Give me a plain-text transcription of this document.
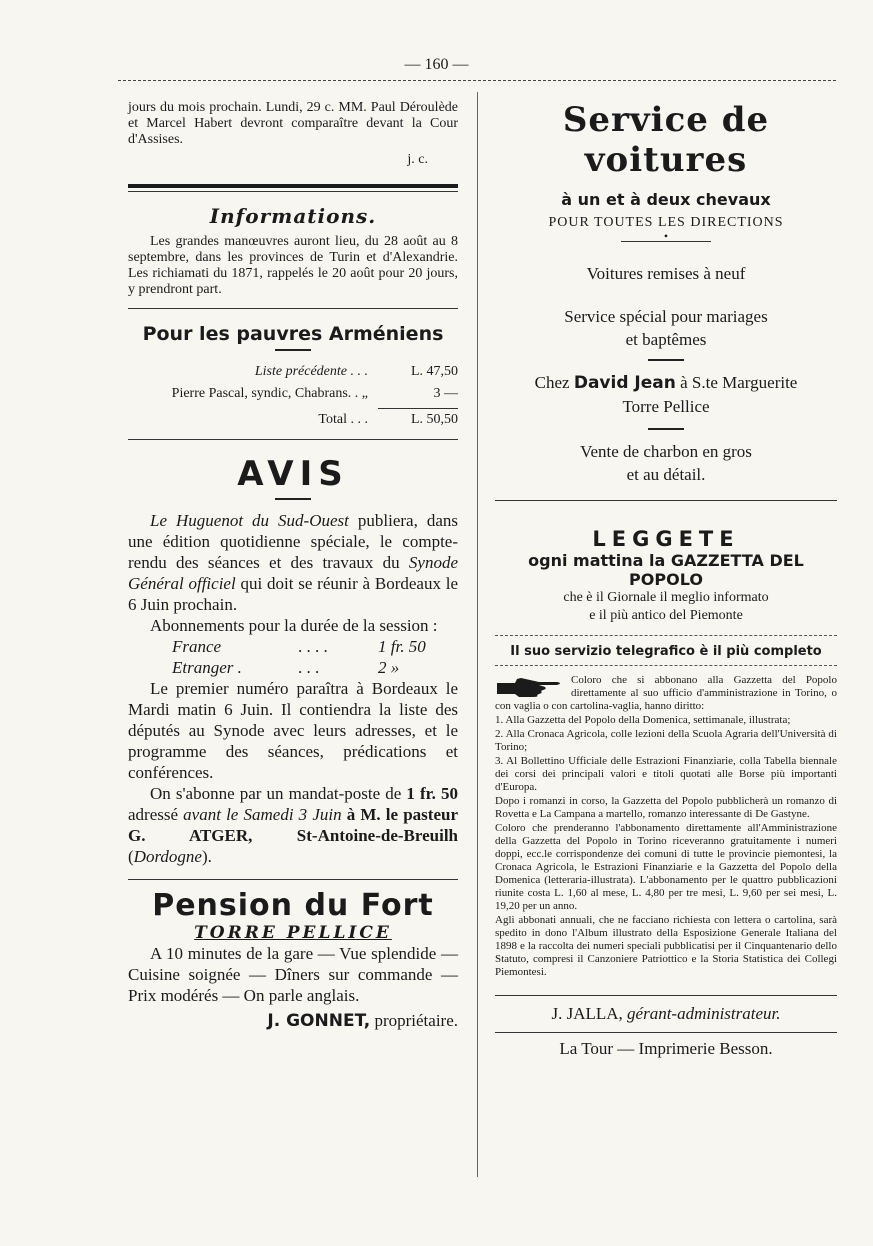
— 160 —

jours du mois prochain. Lundi, 29 c. MM. Paul Déroulède et Marcel Habert devront comparaître devant la Cour d'Assises.

j. c.

Informations.

Les grandes manœuvres auront lieu, du 28 août au 8 septembre, dans les provinces de Turin et d'Alexandrie. Les richiamati du 1871, rappelés le 20 août pour 20 jours, y prendront part.

Pour les pauvres Arméniens
Liste précédente . . .	L. 47,50
Pierre Pascal, syndic, Chabrans. . „	3 —
Total . . .	L. 50,50
AVIS

Le Huguenot du Sud-Ouest publiera, dans une édition quotidienne spéciale, le compte-rendu des séances et des travaux du Synode Général officiel qui doit se réunir à Bordeaux le 6 Juin prochain.

Abonnements pour la durée de la session :

France	. . . .	1 fr. 50
Etranger .	. . .	2 »

Le premier numéro paraîtra à Bordeaux le Mardi matin 6 Juin. Il contiendra la liste des députés au Synode avec leurs adresses, et le programme des séances, prédications et conférences.

On s'abonne par un mandat-poste de 1 fr. 50 adressé avant le Samedi 3 Juin à M. le pasteur G. ATGER, St-Antoine-de-Breuilh (Dordogne).

Pension du Fort
TORRE PELLICE

A 10 minutes de la gare — Vue splendide — Cuisine soignée — Dîners sur commande — Prix modérés — On parle anglais.

J. GONNET, propriétaire.

Service de voitures
à un et à deux chevaux
POUR TOUTES LES DIRECTIONS
•
Voitures remises à neuf
Service spécial pour mariages
et baptêmes
Chez David Jean à S.te Marguerite
Torre Pellice
Vente de charbon en gros
et au détail.
LEGGETE
ogni mattina la GAZZETTA DEL POPOLO
che è il Giornale il meglio informato
e il più antico del Piemonte
Il suo servizio telegrafico è il più completo

Coloro che si abbonano alla Gazzetta del Popolo direttamente al suo ufficio d'amministrazione in Torino, o con vaglia o con cartolina-vaglia, hanno diritto:

1. Alla Gazzetta del Popolo della Domenica, settimanale, illustrata;

2. Alla Cronaca Agricola, colle lezioni della Scuola Agraria dell'Università di Torino;

3. Al Bollettino Ufficiale delle Estrazioni Finanziarie, colla Tabella biennale dei corsi dei principali valori e titoli quotati alle Borse più importanti d'Europa.

Dopo i romanzi in corso, la Gazzetta del Popolo pubblicherà un romanzo di Rovetta e La Campana a martello, romanzo interessante di De Gastyne.

Coloro che prenderanno l'abbonamento direttamente all'Amministrazione della Gazzetta del Popolo in Torino riceveranno gratuitamente i numeri doppi, ecc.le corrispondenze dei comuni di tutte le provincie piemontesi, la Cronaca Agricola, le Estrazioni Finanziarie e la Gazzetta del Popolo della Domenica (letteraria-illustrata). L'abbonamento per le quattro pubblicazioni riunite costa L. 1,60 al mese, L. 4,80 per tre mesi, L. 9,60 per sei mesi, L. 19,20 per un anno.

Agli abbonati annuali, che ne facciano richiesta con lettera o cartolina, sarà spedito in dono l'Album illustrato della Esposizione Generale Italiana del 1898 e la raccolta dei numeri speciali pubblicatisi per il Cinquantenario dello Statuto, compresi il Canzoniere Patriottico e la Storia Statistica dei Collegi Piemontesi.

J. JALLA, gérant-administrateur.
La Tour — Imprimerie Besson.
